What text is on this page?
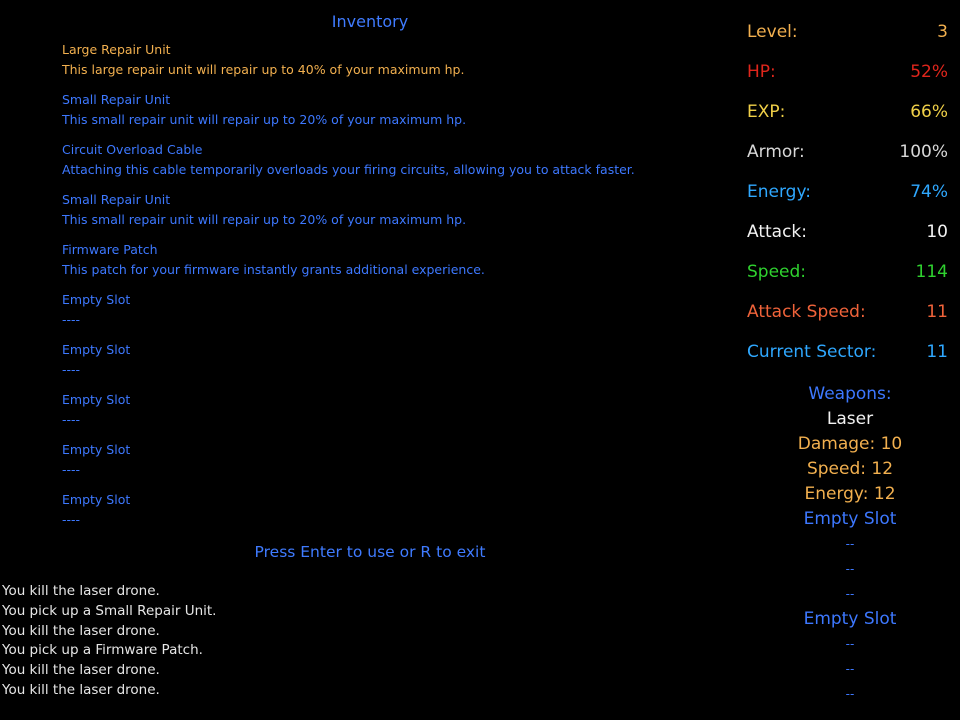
Inventory
Large Repair Unit
This large repair unit will repair up to 40% of your maximum hp.
Small Repair Unit
This small repair unit will repair up to 20% of your maximum hp.
Circuit Overload Cable
Attaching this cable temporarily overloads your firing circuits, allowing you to attack faster.
Small Repair Unit
This small repair unit will repair up to 20% of your maximum hp.
Firmware Patch
This patch for your firmware instantly grants additional experience.
Empty Slot
----
Empty Slot
----
Empty Slot
----
Empty Slot
----
Empty Slot
----
Press Enter to use or R to exit
You kill the laser drone.
You pick up a Small Repair Unit.
You kill the laser drone.
You pick up a Firmware Patch.
You kill the laser drone.
You kill the laser drone.
Level:	3
HP:	52%
EXP:	66%
Armor:	100%
Energy:	74%
Attack:	10
Speed:	114
Attack Speed:	11
Current Sector:	11
Weapons:
Laser
Damage: 10
Speed: 12
Energy: 12
Empty Slot
--
--
--
Empty Slot
--
--
--
